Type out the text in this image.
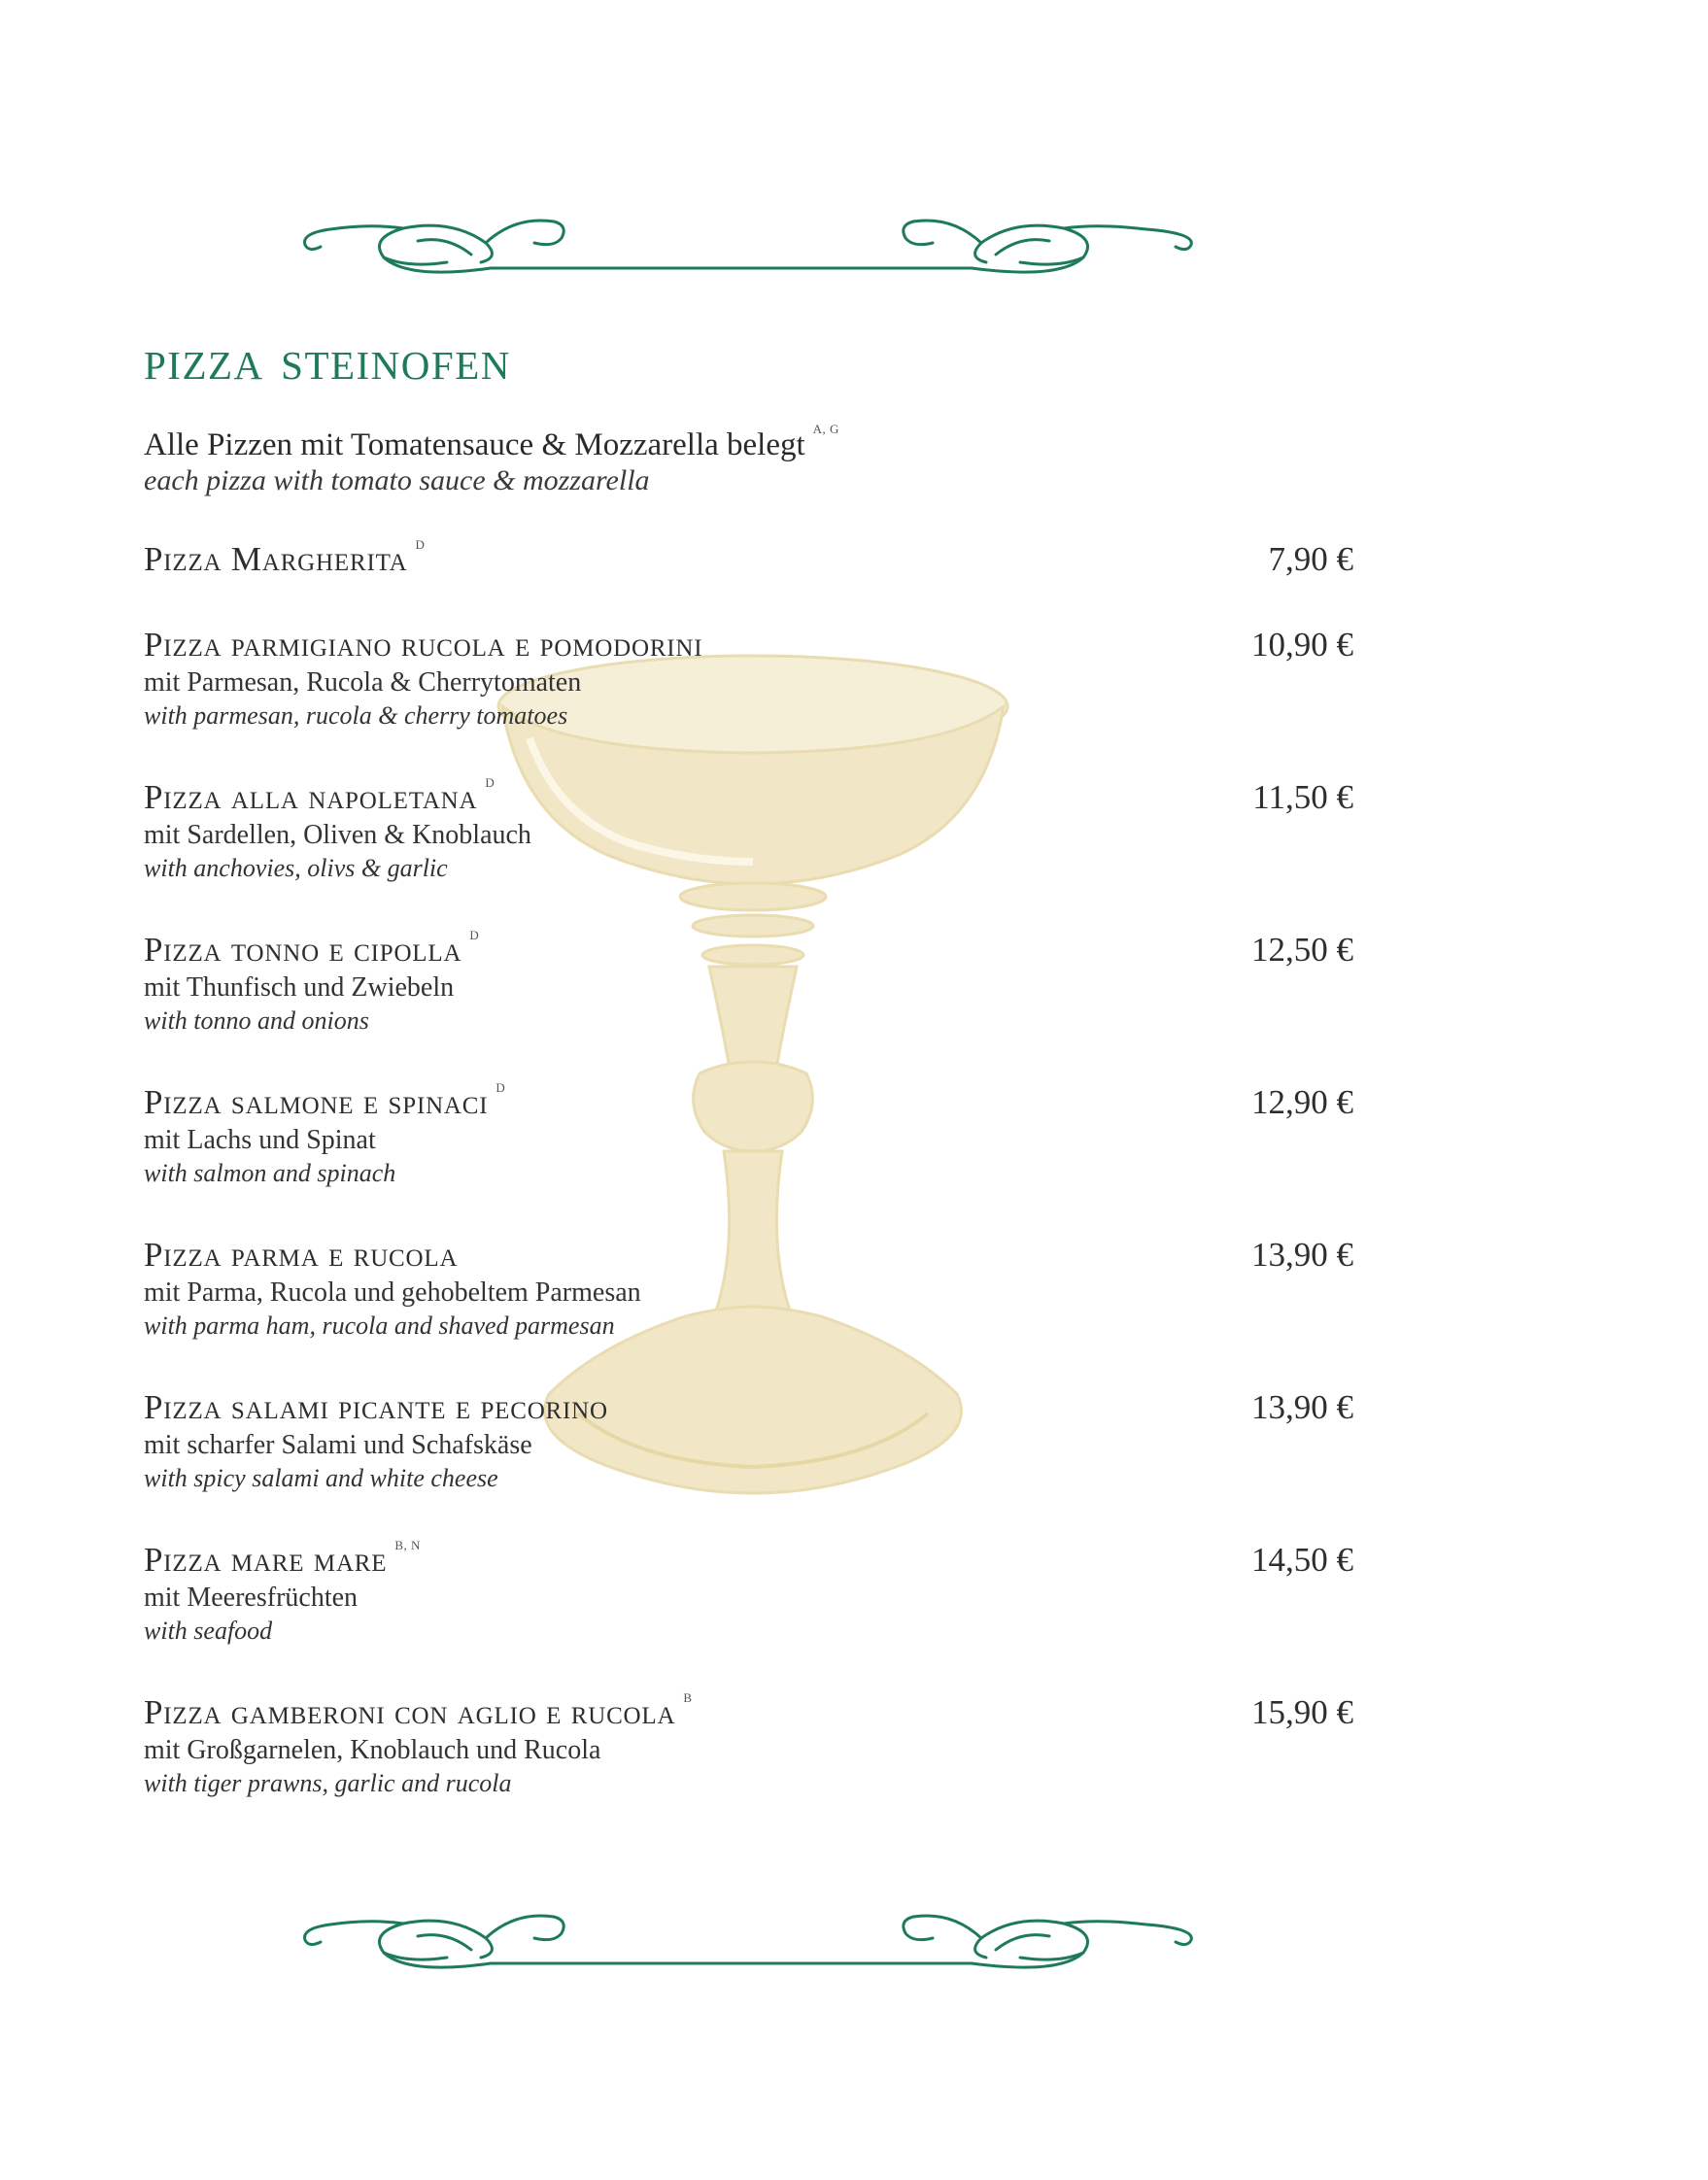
PIZZA STEINOFEN
Alle Pizzen mit Tomatensauce & Mozzarella belegt $^{A, G}$
each pizza with tomato sauce & mozzarella
Pizza Margherita $^D$	7,90 €
Pizza parmigiano rucola e pomodorini	10,90 €
mit Parmesan, Rucola & Cherrytomaten
with parmesan, rucola & cherry tomatoes
Pizza alla napoletana $^D$	11,50 €
mit Sardellen, Oliven & Knoblauch
with anchovies, olivs & garlic
Pizza tonno e cipolla $^D$	12,50 €
mit Thunfisch und Zwiebeln
with tonno and onions
Pizza salmone e spinaci $^D$	12,90 €
mit Lachs und Spinat
with salmon and spinach
Pizza parma e rucola	13,90 €
mit Parma, Rucola und gehobeltem Parmesan
with parma ham, rucola and shaved parmesan
Pizza salami picante e pecorino	13,90 €
mit scharfer Salami und Schafskäse
with spicy salami and white cheese
Pizza mare mare $^{B, N}$	14,50 €
mit Meeresfrüchten
with seafood
Pizza gamberoni con aglio e rucola $^B$	15,90 €
mit Großgarnelen, Knoblauch und Rucola
with tiger prawns, garlic and rucola
